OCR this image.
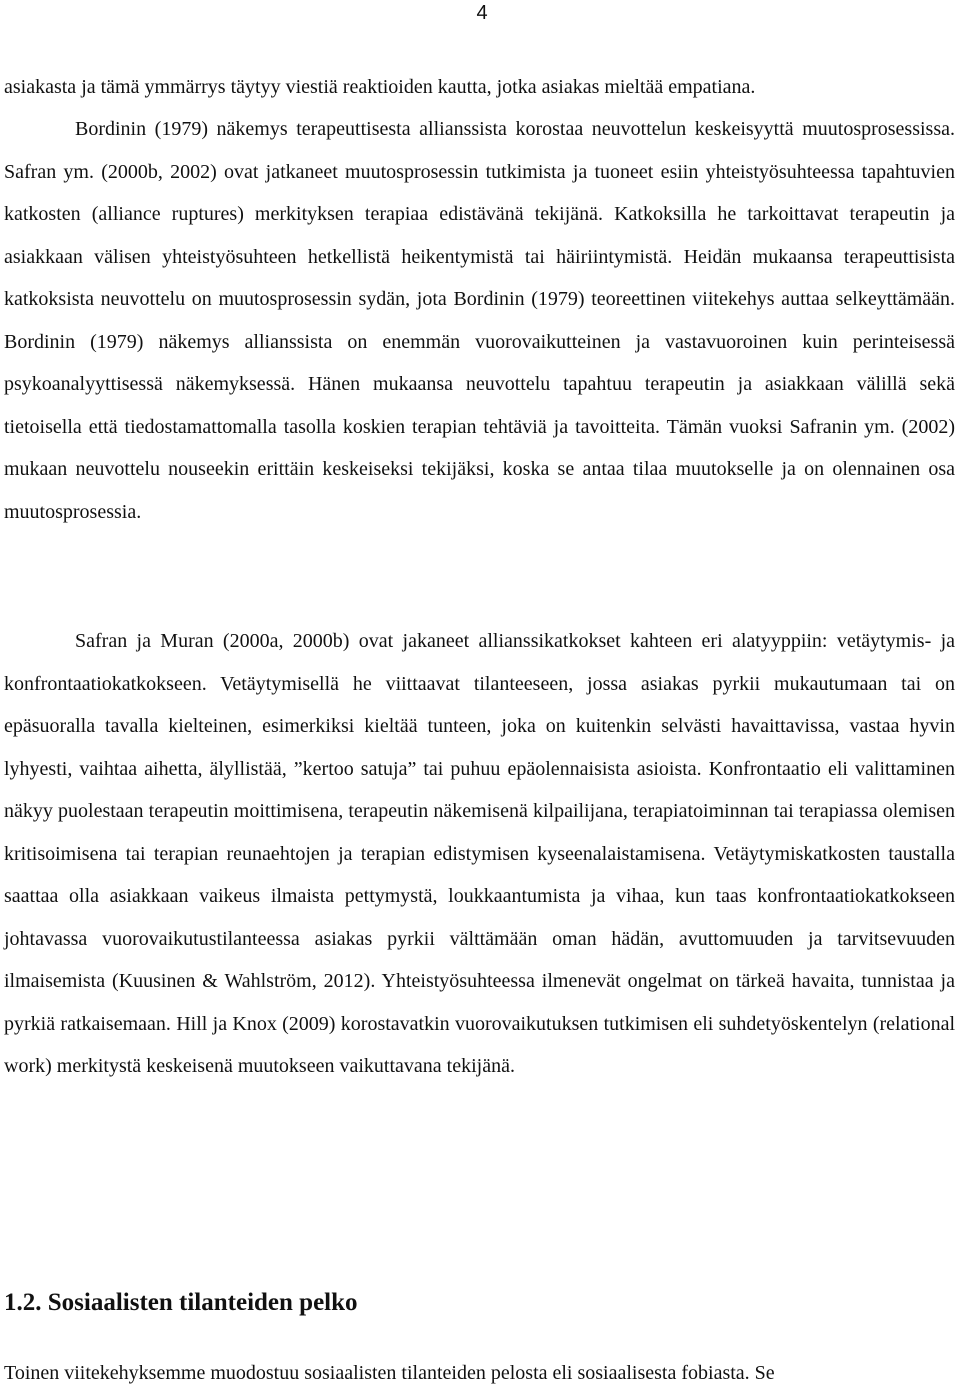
4

asiakasta ja tämä ymmärrys täytyy viestiä reaktioiden kautta, jotka asiakas mieltää empatiana.

Bordinin (1979) näkemys terapeuttisesta allianssista korostaa neuvottelun keskeisyyttä muutosprosessissa. Safran ym. (2000b, 2002) ovat jatkaneet muutosprosessin tutkimista ja tuoneet esiin yhteistyösuhteessa tapahtuvien katkosten (alliance ruptures) merkityksen terapiaa edistävänä tekijänä. Katkoksilla he tarkoittavat terapeutin ja asiakkaan välisen yhteistyösuhteen hetkellistä heikentymistä tai häiriintymistä. Heidän mukaansa terapeuttisista katkoksista neuvottelu on muutosprosessin sydän, jota Bordinin (1979) teoreettinen viitekehys auttaa selkeyttämään. Bordinin (1979) näkemys allianssista on enemmän vuorovaikutteinen ja vastavuoroinen kuin perinteisessä psykoanalyyttisessä näkemyksessä. Hänen mukaansa neuvottelu tapahtuu terapeutin ja asiakkaan välillä sekä tietoisella että tiedostamattomalla tasolla koskien terapian tehtäviä ja tavoitteita. Tämän vuoksi Safranin ym. (2002) mukaan neuvottelu nouseekin erittäin keskeiseksi tekijäksi, koska se antaa tilaa muutokselle ja on olennainen osa muutosprosessia.

Safran ja Muran (2000a, 2000b) ovat jakaneet allianssikatkokset kahteen eri alatyyppiin: vetäytymis- ja konfrontaatiokatkokseen. Vetäytymisellä he viittaavat tilanteeseen, jossa asiakas pyrkii mukautumaan tai on epäsuoralla tavalla kielteinen, esimerkiksi kieltää tunteen, joka on kuitenkin selvästi havaittavissa, vastaa hyvin lyhyesti, vaihtaa aihetta, älyllistää, ”kertoo satuja” tai puhuu epäolennaisista asioista. Konfrontaatio eli valittaminen näkyy puolestaan terapeutin moittimisena, terapeutin näkemisenä kilpailijana, terapiatoiminnan tai terapiassa olemisen kritisoimisena tai terapian reunaehtojen ja terapian edistymisen kyseenalaistamisena. Vetäytymiskatkosten taustalla saattaa olla asiakkaan vaikeus ilmaista pettymystä, loukkaantumista ja vihaa, kun taas konfrontaatiokatkokseen johtavassa vuorovaikutustilanteessa asiakas pyrkii välttämään oman hädän, avuttomuuden ja tarvitsevuuden ilmaisemista (Kuusinen & Wahlström, 2012). Yhteistyösuhteessa ilmenevät ongelmat on tärkeä havaita, tunnistaa ja pyrkiä ratkaisemaan. Hill ja Knox (2009) korostavatkin vuorovaikutuksen tutkimisen eli suhdetyöskentelyn (relational work) merkitystä keskeisenä muutokseen vaikuttavana tekijänä.

1.2. Sosiaalisten tilanteiden pelko

Toinen viitekehyksemme muodostuu sosiaalisten tilanteiden pelosta eli sosiaalisesta fobiasta. Se
